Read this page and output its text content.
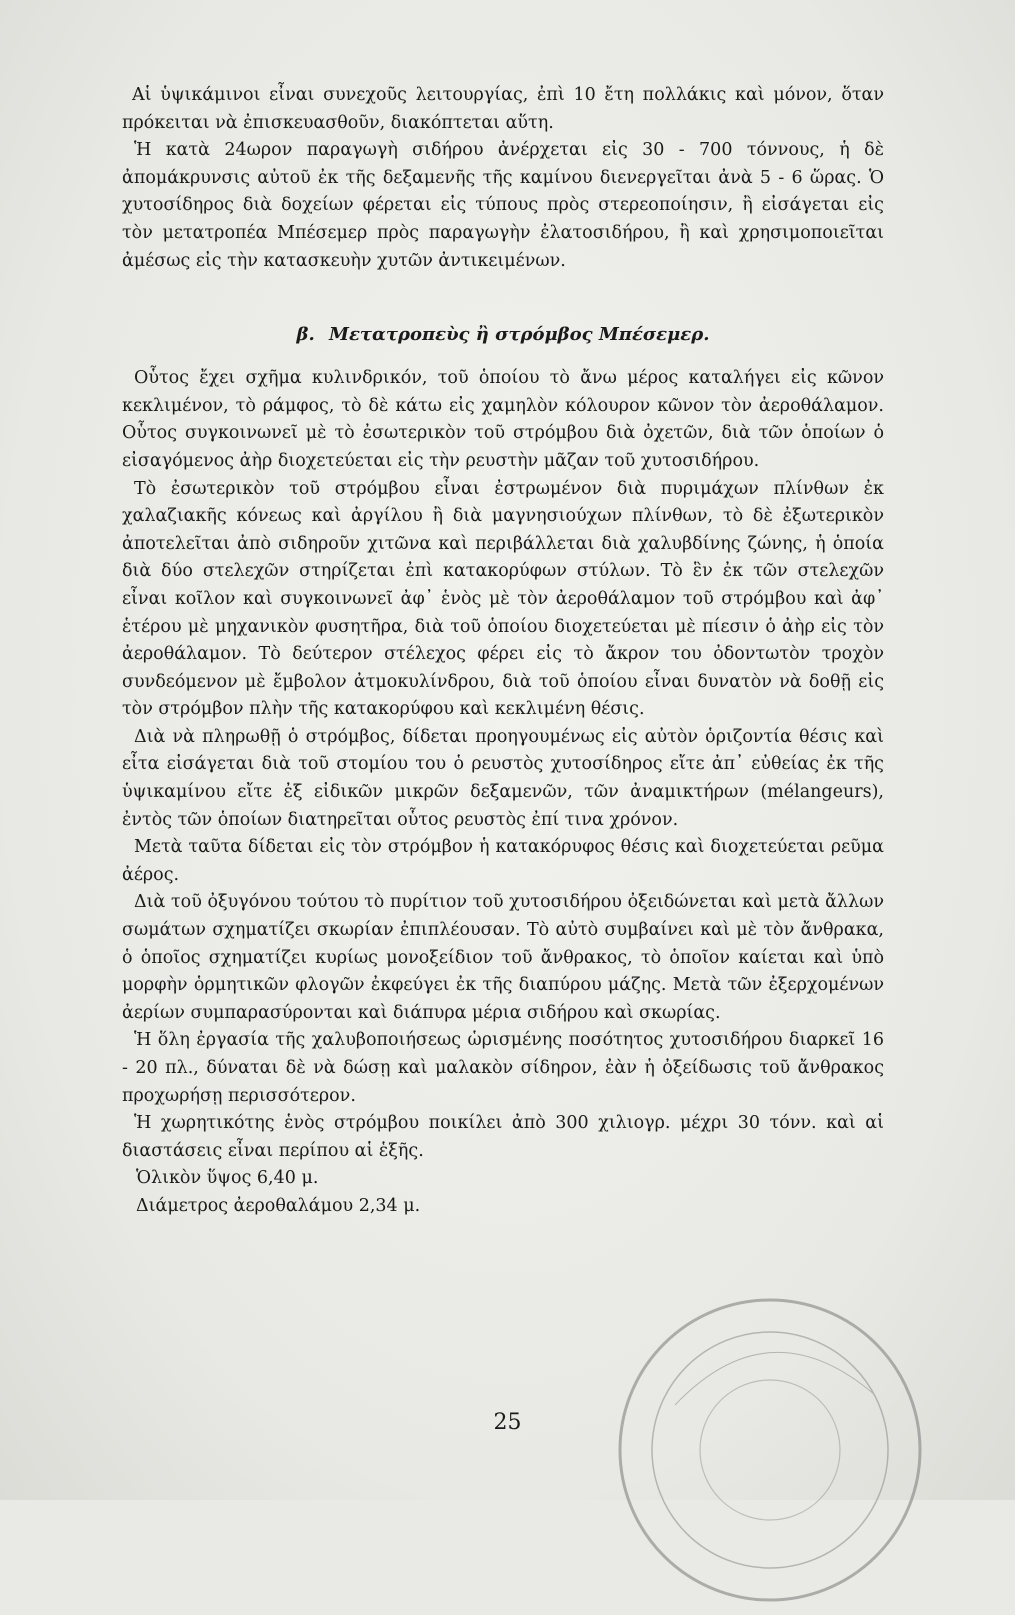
Αἱ ὑψικάμινοι εἶναι συνεχοῦς λειτουργίας, ἐπὶ 10 ἔτη πολλάκις καὶ μόνον, ὅταν πρόκειται νὰ ἐπισκευασθοῦν, διακόπτεται αὕτη.

Ἡ κατὰ 24ωρον παραγωγὴ σιδήρου ἀνέρχεται εἰς 30 - 700 τόννους, ἡ δὲ ἀπομάκρυνσις αὐτοῦ ἐκ τῆς δεξαμενῆς τῆς καμίνου διενεργεῖται ἀνὰ 5 - 6 ὥρας. Ὁ χυτοσίδηρος διὰ δοχείων φέρεται εἰς τύπους πρὸς στερεοποίησιν, ἢ εἰσάγεται εἰς τὸν μετατροπέα Μπέσεμερ πρὸς παραγωγὴν ἐλατοσιδήρου, ἢ καὶ χρησιμοποιεῖται ἀμέσως εἰς τὴν κατασκευὴν χυτῶν ἀντικειμένων.

β. Μετατροπεὺς ἢ στρόμβος Μπέσεμερ.

Οὗτος ἔχει σχῆμα κυλινδρικόν, τοῦ ὁποίου τὸ ἄνω μέρος καταλήγει εἰς κῶνον κεκλιμένον, τὸ ράμφος, τὸ δὲ κάτω εἰς χαμηλὸν κόλουρον κῶνον τὸν ἀεροθάλαμον. Οὗτος συγκοινωνεῖ μὲ τὸ ἐσωτερικὸν τοῦ στρόμβου διὰ ὀχετῶν, διὰ τῶν ὁποίων ὁ εἰσαγόμενος ἀὴρ διοχετεύεται εἰς τὴν ρευστὴν μᾶζαν τοῦ χυτοσιδήρου.

Τὸ ἐσωτερικὸν τοῦ στρόμβου εἶναι ἐστρωμένον διὰ πυριμάχων πλίνθων ἐκ χαλαζιακῆς κόνεως καὶ ἀργίλου ἢ διὰ μαγνησιούχων πλίνθων, τὸ δὲ ἐξωτερικὸν ἀποτελεῖται ἀπὸ σιδηροῦν χιτῶνα καὶ περιβάλλεται διὰ χαλυβδίνης ζώνης, ἡ ὁποία διὰ δύο στελεχῶν στηρίζεται ἐπὶ κατακορύφων στύλων. Τὸ ἓν ἐκ τῶν στελεχῶν εἶναι κοῖλον καὶ συγκοινωνεῖ ἀφ᾽ ἑνὸς μὲ τὸν ἀεροθάλαμον τοῦ στρόμβου καὶ ἀφ᾽ ἑτέρου μὲ μηχανικὸν φυσητῆρα, διὰ τοῦ ὁποίου διοχετεύεται μὲ πίεσιν ὁ ἀὴρ εἰς τὸν ἀεροθάλαμον. Τὸ δεύτερον στέλεχος φέρει εἰς τὸ ἄκρον του ὀδοντωτὸν τροχὸν συνδεόμενον μὲ ἔμβολον ἀτμοκυλίνδρου, διὰ τοῦ ὁποίου εἶναι δυνατὸν νὰ δοθῇ εἰς τὸν στρόμβον πλὴν τῆς κατακορύφου καὶ κεκλιμένη θέσις.

Διὰ νὰ πληρωθῇ ὁ στρόμβος, δίδεται προηγουμένως εἰς αὐτὸν ὁριζοντία θέσις καὶ εἶτα εἰσάγεται διὰ τοῦ στομίου του ὁ ρευστὸς χυτοσίδηρος εἴτε ἀπ᾽ εὐθείας ἐκ τῆς ὑψικαμίνου εἴτε ἐξ εἰδικῶν μικρῶν δεξαμενῶν, τῶν ἀναμικτήρων (mélangeurs), ἐντὸς τῶν ὁποίων διατηρεῖται οὗτος ρευστὸς ἐπί τινα χρόνον.

Μετὰ ταῦτα δίδεται εἰς τὸν στρόμβον ἡ κατακόρυφος θέσις καὶ διοχετεύεται ρεῦμα ἀέρος.

Διὰ τοῦ ὀξυγόνου τούτου τὸ πυρίτιον τοῦ χυτοσιδήρου ὀξειδώνεται καὶ μετὰ ἄλλων σωμάτων σχηματίζει σκωρίαν ἐπιπλέουσαν. Τὸ αὐτὸ συμβαίνει καὶ μὲ τὸν ἄνθρακα, ὁ ὁποῖος σχηματίζει κυρίως μονοξείδιον τοῦ ἄνθρακος, τὸ ὁποῖον καίεται καὶ ὑπὸ μορφὴν ὁρμητικῶν φλογῶν ἐκφεύγει ἐκ τῆς διαπύρου μάζης. Μετὰ τῶν ἐξερχομένων ἀερίων συμπαρασύρονται καὶ διάπυρα μέρια σιδήρου καὶ σκωρίας.

Ἡ ὅλη ἐργασία τῆς χαλυβοποιήσεως ὡρισμένης ποσότητος χυτοσιδήρου διαρκεῖ 16 - 20 πλ., δύναται δὲ νὰ δώσῃ καὶ μαλακὸν σίδηρον, ἐὰν ἡ ὀξείδωσις τοῦ ἄνθρακος προχωρήσῃ περισσότερον.

Ἡ χωρητικότης ἑνὸς στρόμβου ποικίλει ἀπὸ 300 χιλιογρ. μέχρι 30 τόνν. καὶ αἱ διαστάσεις εἶναι περίπου αἱ ἑξῆς.

Ὁλικὸν ὕψος 6,40 μ.

Διάμετρος ἀεροθαλάμου 2,34 μ.

25
